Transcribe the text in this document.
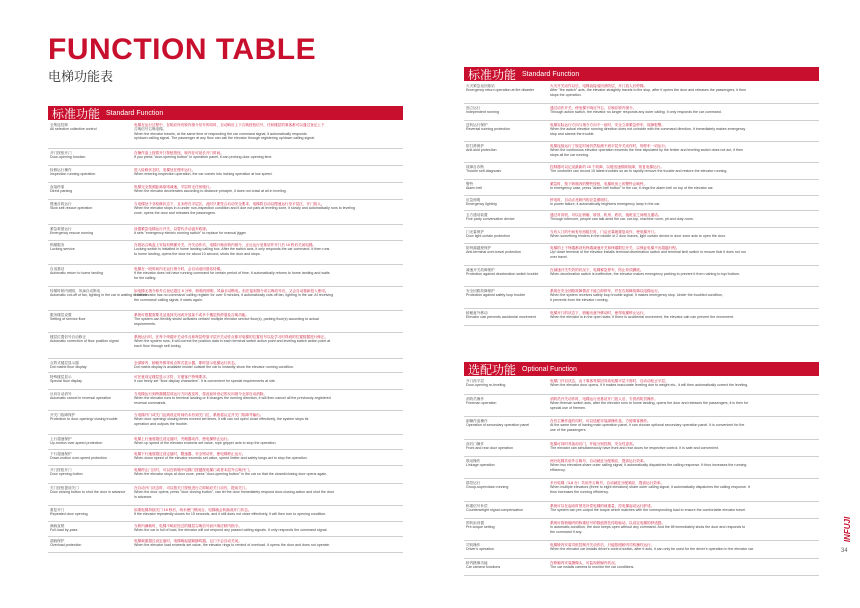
FUNCTION TABLE
电梯功能表
标准功能 Standard Function
全集选控制
All selective collective control
电梯在运行过程中，在响应所有轿内指令信号的同时，自动响应上下召唤按钮信号，任何楼层的乘客都可以通过登记上下
召唤信号召唤电梯。
When the elevator travels, at the same time of responding the car command signal, it automatically responds
up/down calling signal. The passenger at any floor can call the elevator through registering up/down calling signal.
开门按钮开门
Door-opening function
在操作盘上按着开门按钮按钮，轿内在可延长开门时间。
If you press "door-opening button" in operation panel, it can prolong door-opening time.
检修运行操作
Inspection running operation
进入检修状态时，电梯处在慢车运行。
When entering inspection operation, the car comes into inching operation at low speed.
直接停靠
Direct parking
电梯完全按照距离原则减速，平层时无任何爬行。
When the elevator decelerates according to distance principle, it does not crawl at all in leveling.
慢速自救运行
Slow self-rescue operation
当电梯处于非检修状态下，且未停在平层区，此时只要符合启动安全要求，电梯将自动以慢速运行至平层区，开门放人。
When the elevator stops in a under non-inspection condition and it doe not park at leveling zone, it slowly and automatically runs to leveling
zone, opens the door and releases the passengers.
紧急救援运行
Emergency rescue running
设置紧急电梯运行开关，以替代手动盘车救援。
It sets "emergency electric running switch" to replace for manual jigger.
锁梯服务
Locking service
在基站召唤盒上安装有锁梯开关，开关动作后，电梯只响应轿内指令，正反运行至基站并开门后 10 秒后关闭电梯。
Locking switch is installed in home landing calling box. After the switch acts, it only responds the car command. It then runs
to home landing, opens the door for about 10 second, shuts the door and stops.
自返基站
Automatic return to home landing
电梯在一段时间内无运行指令时，会自动返回基站待梯。
If the elevator does not have running command for certain period of time, it automatically returns to home landing and waits
for the calling.
待梯时轿内照明、风扇自动断电
Automatic cut-off of fan, lighting in the car in waiting condition
如电梯无指令和外召登记超过 5 分钟，轿箱内照明、风扇自动断电。但在接到指令或召唤信号后，又会自动重新投入使用。
If the elevator has no command/ calling register for over 5 minutes, it automatically cuts off fan, lighting in the car. At receiving
the command/ calling signal, it starts again.
服务楼层设置
Setting of service floor
系统可根据需要灵活选择关闭或开放某个或多个楼层的停靠及召唤功能。
The system can flexibly shuts/ activates certain/ multiple elevator service floor(s), parking floor(s) according to actual
requirements.
楼层位置信号自动修正
Automatic correction of floor position signal
系统运行时，在每个终端开关动作点和每层停靠平层开关动作点都对电梯的位置信号以及学习时得到的位置数据进行修正。
When the system runs, it will correct the position data in each terminal switch action point and leveling switch action point at
each floor through self-tuning.
点阵式楼层显示器
Dot matrix floor display
全部轿内、轿厢外都采用点阵式显示器，即时显示电梯运行状态。
Dot matrix display is available inside/ outside the car to instantly show the elevator running condition.
特殊楼层显示
Special floor display
可任意设定楼层显示字符，方便客户特殊要求。
It can freely set "floor display characters". It is convenient for special requirements at site.
反向自动消号
Automatic cancel in reversal operation
当电梯运行到终端楼层或运行方向改变时，将此前所登记的反向指令全部自动消除。
When the elevator runs to terminal landing or it changes the running direction, it will then cancel all the previously-registered
reversal commands.
开关门故障保护
Protection to door-opening/ closing trouble
当电梯开门或关门达到设定时间仍未有到关门位，系统将认定开关门故障并输出。
When door opening/ closing times exceed set times, it still can not open/ close effectively, the system stops its
operation and outputs the trouble.
上行超速保护
Up-motion over-speed protection
电梯上行速度超过设定值时，夹绳器动作，使电梯停止运行。
When up speed of the elevator exceeds set value, rope gripper acts to stop the operation.
下行超速保护
Down-motion over-speed protection
电梯下行速度超过设定值时，限速器、安全钳动作，使电梯停止运行。
When down speed of the elevator exceeds set value, speed limiter and safety tongs act to stop the operation.
开门按钮开门
Door opening button
电梯停止门区时，可以在轿箱中电梯门按键按电梯门或者本层外召唤开门。
When the elevator stops at door zone, press "door-opening button" in the car so that the closed/closing door opens again.
关门按钮提前关门
Door closing button to shut the door in advance
在自动开门状态时，可以按关门按钮进行立即响应关门动作，提前关门。
When the door opens, press "door closing button", can let the door immediately respond door-closing action and shut the door
in advance.
重复开门
Repeated door opening
如果电梯持续关门 15 秒后，尚未使门锁闭合，电梯就会转换成开门状态。
If the elevator repeatedly closes for 15 seconds, and it still does not close effectively, it will then turn to opening condition.
满载直驶
Full-load by-pass
当轿内满载时，电梯不响应经过的楼层召唤信号而只响应轿内指令。
When the car is full of load, the elevator will not respond any passed calling signals. It only responds the command signal.
超载保护
Overload protection
电梯载重超过设定值时，电梯响起超载蜂鸣器，且门不会自动关闭。
When the elevator load exceeds set value, the elevator rings to remind of overload. It opens the door and does not operate.
标准功能 Standard Function
火灾紧急返回基站
Emergency return operation at fire disaster
火灾开关动作以后，电梯直接返回消防层，开门放人后停梯。
After "fire switch" acts, the elevator straightly travels to fire stop, after it opens the door and releases the passengers, it then
stops the operation.
独立运行
Independent running
通过动作开关，使电梯不响应外召，仅响应轿内指令。
Through action switch, the elevator no longer responds any outer calling. It only responds the car command.
逆转运行保护
Reversal running protection
电梯实际运行方向与指令方向不一致时，安全立即紧急停车，故障报警。
When the actual elevator running direction does not coincide with the command direction, it immediately makes emergency
stop and alarms the trouble.
防打滑保护
Anti-skid protection
电梯连续运行了规定时间仍然检测不到平层开关动作时，则停车一切运行。
When the continuous elevator operation exceeds the time stipulated by the limiter and leveling switch does not act, it then
stops all the car running.
故障自诊断
Trouble self-diagnosis
控制器可以记录最新的 15 个故障，以便迅速排除故障，恢复电梯运行。
The controller can record 15 latest troubles so as to rapidly remove the trouble and restore the elevator running.
警铃
Alarm bell
紧急时，按下轿箱内的警铃按钮，电梯机房上的警铃会响铃。
In emergency case, press "alarm bell button" in the car, it rings the alarm bell on top of the elevator car.
应急照明
Emergency lighting
停电时，自动点亮轿内的应急照明灯。
In power failure, it automatically brightens emergency lamp in the car.
五方通话装置
Five party conversation device
通过对讲机，可以让轿厢、轿顶、机房、底坑、值班室之间相互通话。
Through intercom, people can talk amid the car, car-top, machine room, pit and duty-room.
门光幕保护
Door light curtain protection
当有人门的中间有东西阻拦时，门沿光幕就重复动作，使电梯开门。
When something hinders in the middle of 2 door leaves, light curtain device in door zone acts to open the door.
防终端越程保护
Anti-terminal over-travel protection
电梯的上下终端都设有终端减速开关和终端限位开关，以保证电梯不出超越行程。
Up/ down terminal of the elevator installs terminal deceleration switch and terminal limit switch to ensure that it does not run
over travel.
减速开关故障保护
Protection against deceleration switch trouble
在减速开关失效的状况下，电梯紧急停车，防止冲顶蹲底。
When deceleration switch is ineffective, the elevator makes emergency parking to prevent it from rushing to top/ bottom.
安全回路故障保护
Protection against safety loop trouble
系统在安全回路故障情况下能立即停车，并在告知障故障以电梯运行。
When the system receives safety loop trouble signal, it makes emergency stop. Under the troubled condition,
it prevents from the elevator running.
轿厢意外移动
Elevator cab prevents accidental movement
电梯开门的状态下，轿厢出意外移动时，使得电梯停止运行。
When the elevator is in the open state, if there is accidental movement, the elevator cab can prevent the movement.
选配功能 Optional Function
开门再平层
Door-opening re-leveling
电梯门开启状态，由于乘客等原因导致电梯平层不准时，自动动轮正平层。
When the elevator door opens, if it makes inaccurate leveling due to weight etc., it will then automatically correct the leveling.
消防员操作
Freeman operation
消防员开关动作时，电梯运行至基站开门放人后，专供消防员操作。
When fireman switch acts, after the elevator runs to home landing, opens the door and releases the passengers, it is then for
special use of firemen.
副操作盘操作
Operation of secondary operation panel
在有主操作盘的同时，可以选配安装副操作盘，方便乘客操作。
At the same time of having main operation panel, it can choose optional secondary operation panel. It is convenient for the
use of the passengers.
前后门操作
Front and rear door operation
电梯可同时具备前后门，并能分别控制，安全性更高。
The elevator can simultaneously have front and rear doors for respective control. It is safe and convenient.
联动操作
Linkage operation
两台电梯共用外召唤号，自动就近分配响应，提高运行效率。
When two elevators share outer calling signal, it automatically dispatches the calling response. It thus increases the running
efficiency.
群控运行
Group-supervision running
多台电梯（3-8 台）共用外召唤号，自动就近分配响应，提高运行效率。
When multiple elevators (three to eight elevators) share outer calling signal, it automatically dispatches the calling response. It
thus increases the running efficiency.
称重信号补偿
Counterweight signal compensation
系统可以在起动时预先补偿电梯的载重量，控电梯起动运行舒适。
The system can pre-output the torque which matches with the corresponding load to ensure the comfortable elevator travel.
预转矩设置
Pre-torque setting
系统可将轿厢内的称重信号的数值预先传给驱动，以设定电梯的舒适感。
In automatic condition, the door keeps open without any command. And the lift immediately shuts the door and responds to
the command if any.
司机操作
Driver's operation
电梯轿内安装司机控制开关动作后，只能按照轿内司机操作运行。
When the elevator car installs driver's control switch, after it acts, it can only be used for the driver's operation in the elevator car.
轿内摄像功能
Car camera functions
在轿厢内安装摄像头，可监视轿厢内状况。
The car installs camera to monitor the car conditions.
INFUJI
34
